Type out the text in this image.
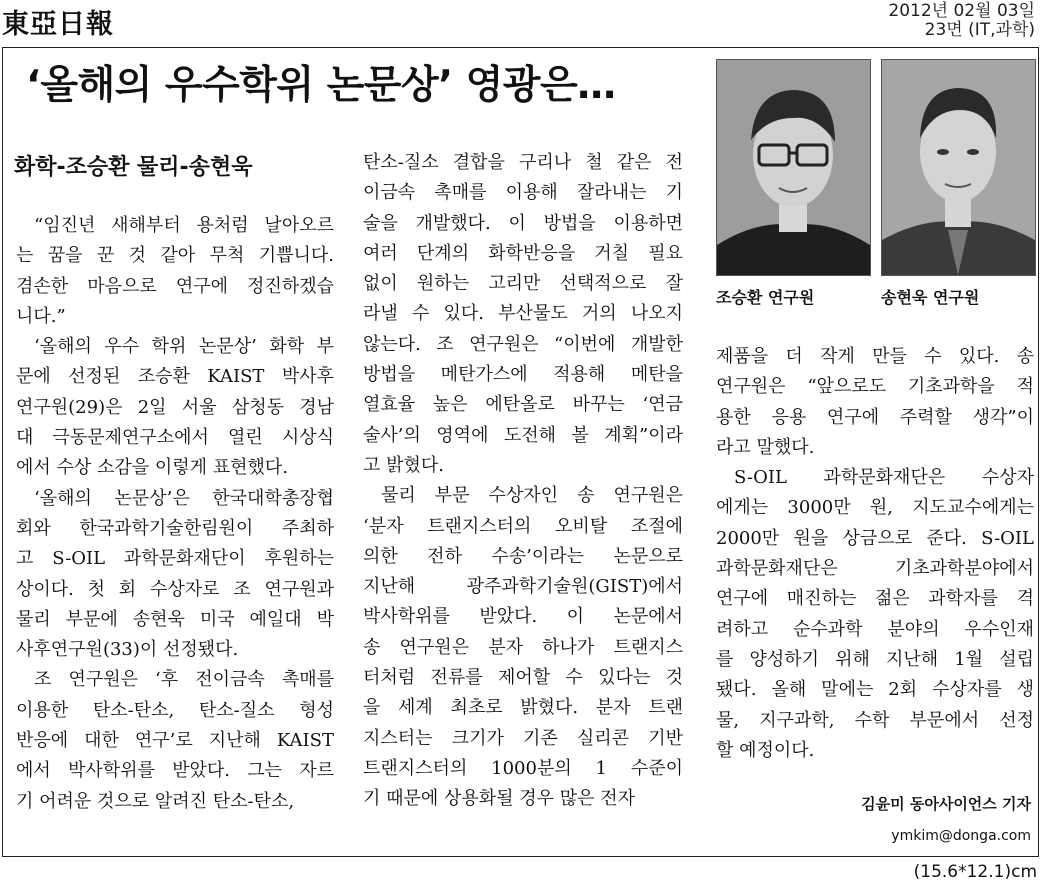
東亞日報	2012년 02월 03일
23면 (IT,과학)
‘올해의 우수학위 논문상’ 영광은…
화학-조승환 물리-송현욱
조승환 연구원	송현욱 연구원
“임진년 새해부터 용처럼 날아오르
는 꿈을 꾼 것 같아 무척 기쁩니다.
겸손한 마음으로 연구에 정진하겠습
니다.”
‘올해의 우수 학위 논문상’ 화학 부
문에 선정된 조승환 KAIST 박사후
연구원(29)은 2일 서울 삼청동 경남
대 극동문제연구소에서 열린 시상식
에서 수상 소감을 이렇게 표현했다.
‘올해의 논문상’은 한국대학총장협
회와 한국과학기술한림원이 주최하
고 S-OIL 과학문화재단이 후원하는
상이다. 첫 회 수상자로 조 연구원과
물리 부문에 송현욱 미국 예일대 박
사후연구원(33)이 선정됐다.
조 연구원은 ‘후 전이금속 촉매를
이용한 탄소-탄소, 탄소-질소 형성
반응에 대한 연구’로 지난해 KAIST
에서 박사학위를 받았다. 그는 자르
기 어려운 것으로 알려진 탄소-탄소,
탄소-질소 결합을 구리나 철 같은 전
이금속 촉매를 이용해 잘라내는 기
술을 개발했다. 이 방법을 이용하면
여러 단계의 화학반응을 거칠 필요
없이 원하는 고리만 선택적으로 잘
라낼 수 있다. 부산물도 거의 나오지
않는다. 조 연구원은 “이번에 개발한
방법을 메탄가스에 적용해 메탄을
열효율 높은 에탄올로 바꾸는 ‘연금
술사’의 영역에 도전해 볼 계획”이라
고 밝혔다.
물리 부문 수상자인 송 연구원은
‘분자 트랜지스터의 오비탈 조절에
의한 전하 수송’이라는 논문으로
지난해 광주과학기술원(GIST)에서
박사학위를 받았다. 이 논문에서
송 연구원은 분자 하나가 트랜지스
터처럼 전류를 제어할 수 있다는 것
을 세계 최초로 밝혔다. 분자 트랜
지스터는 크기가 기존 실리콘 기반
트랜지스터의 1000분의 1 수준이
기 때문에 상용화될 경우 많은 전자
제품을 더 작게 만들 수 있다. 송
연구원은 “앞으로도 기초과학을 적
용한 응용 연구에 주력할 생각”이
라고 말했다.
S-OIL 과학문화재단은 수상자
에게는 3000만 원, 지도교수에게는
2000만 원을 상금으로 준다. S-OIL
과학문화재단은 기초과학분야에서
연구에 매진하는 젊은 과학자를 격
려하고 순수과학 분야의 우수인재
를 양성하기 위해 지난해 1월 설립
됐다. 올해 말에는 2회 수상자를 생
물, 지구과학, 수학 부문에서 선정
할 예정이다.
김윤미 동아사이언스 기자
ymkim@donga.com
(15.6*12.1)cm
